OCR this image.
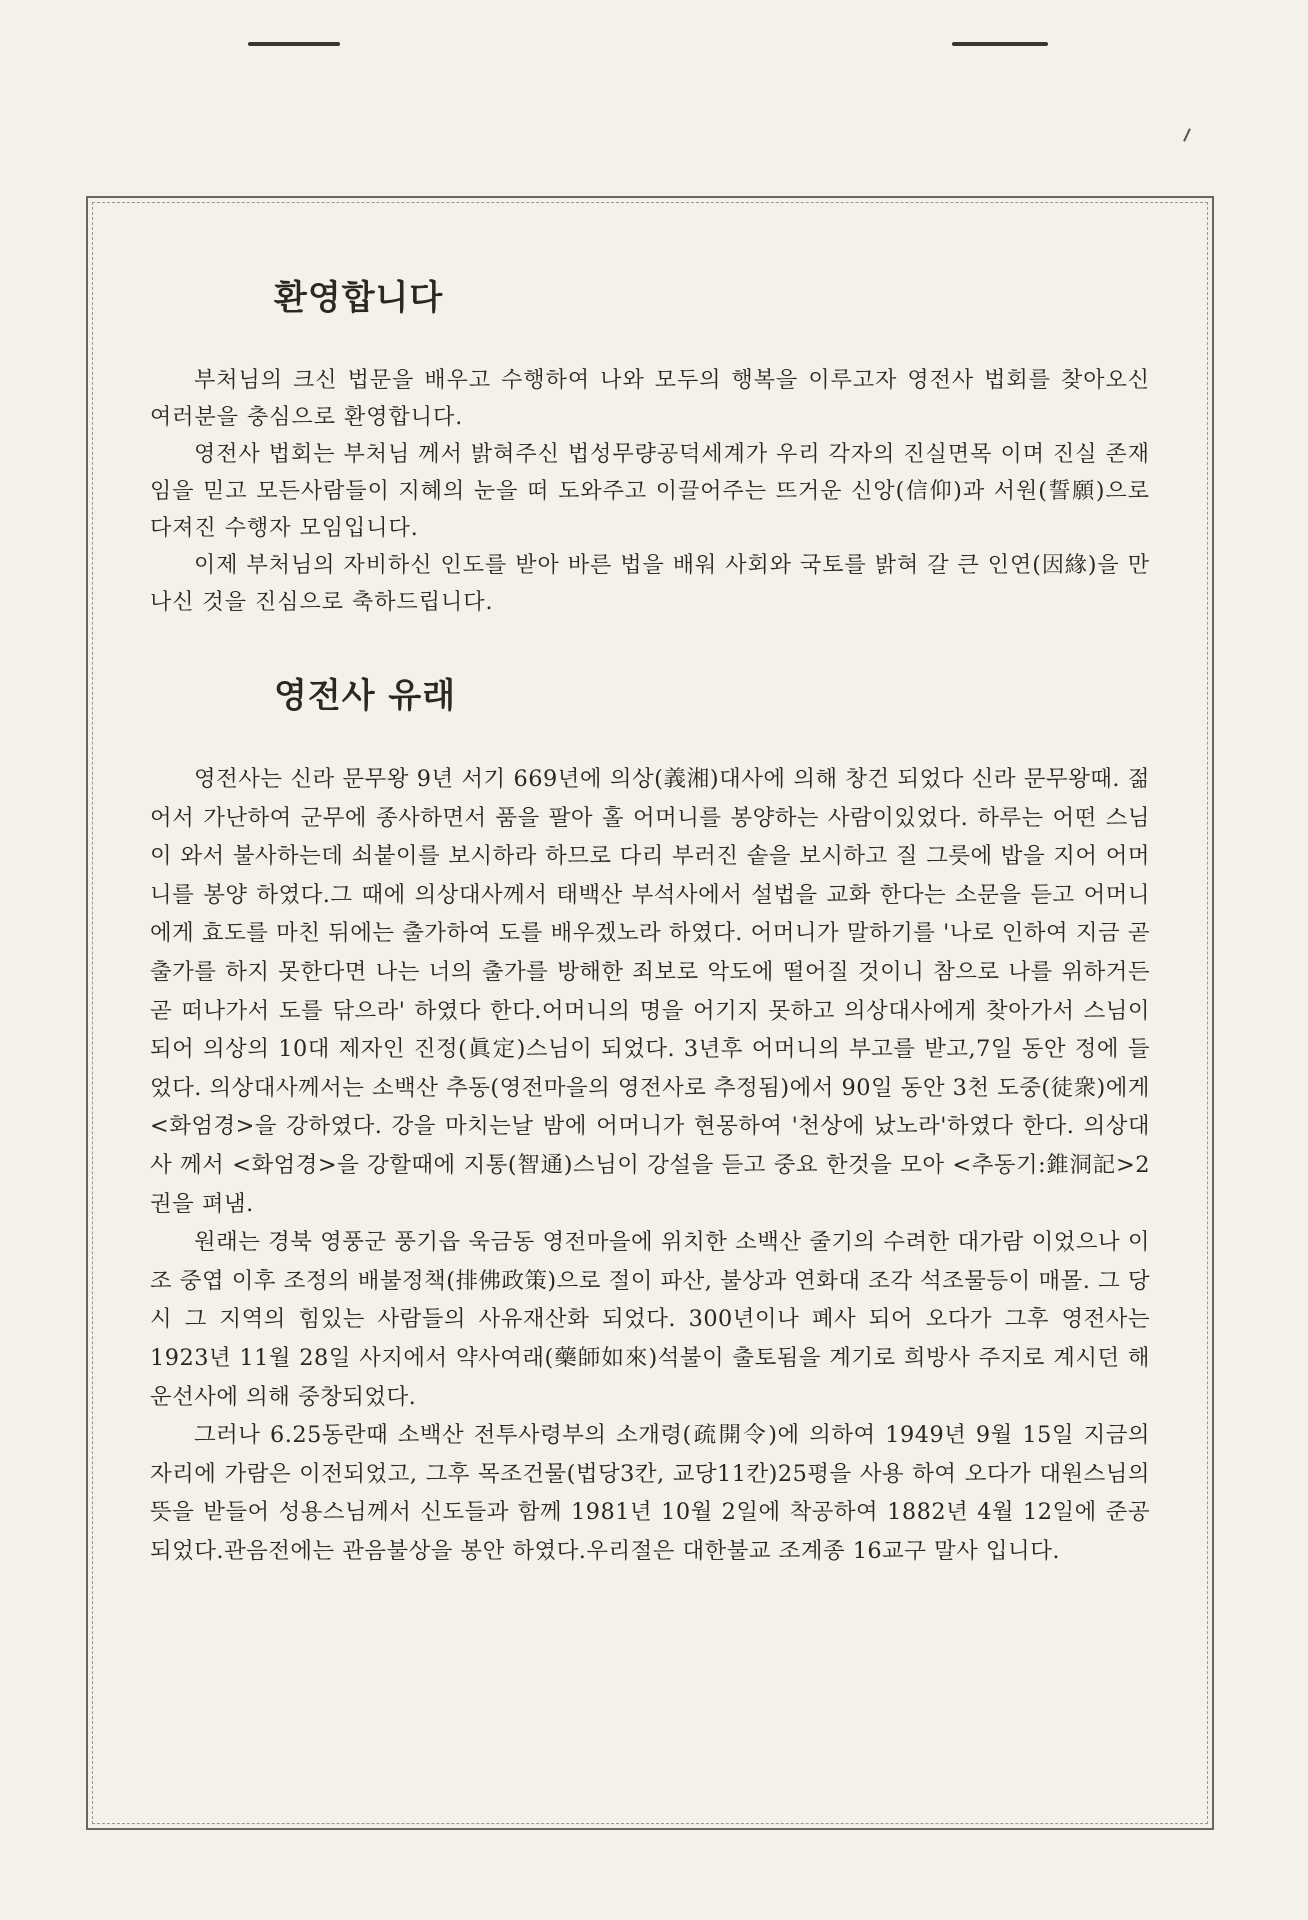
환영합니다

부처님의 크신 법문을 배우고 수행하여 나와 모두의 행복을 이루고자 영전사 법회를 찾아오신 여러분을 충심으로 환영합니다.

영전사 법회는 부처님 께서 밝혀주신 법성무량공덕세계가 우리 각자의 진실면목 이며 진실 존재임을 믿고 모든사람들이 지혜의 눈을 떠 도와주고 이끌어주는 뜨거운 신앙(信仰)과 서원(誓願)으로 다져진 수행자 모임입니다.

이제 부처님의 자비하신 인도를 받아 바른 법을 배워 사회와 국토를 밝혀 갈 큰 인연(因緣)을 만나신 것을 진심으로 축하드립니다.

영전사 유래

영전사는 신라 문무왕 9년 서기 669년에 의상(義湘)대사에 의해 창건 되었다 신라 문무왕때. 젊어서 가난하여 군무에 종사하면서 품을 팔아 홀 어머니를 봉양하는 사람이있었다. 하루는 어떤 스님이 와서 불사하는데 쇠붙이를 보시하라 하므로 다리 부러진 솥을 보시하고 질 그릇에 밥을 지어 어머니를 봉양 하였다.그 때에 의상대사께서 태백산 부석사에서 설법을 교화 한다는 소문을 듣고 어머니에게 효도를 마친 뒤에는 출가하여 도를 배우겠노라 하였다. 어머니가 말하기를 '나로 인하여 지금 곧 출가를 하지 못한다면 나는 너의 출가를 방해한 죄보로 악도에 떨어질 것이니 참으로 나를 위하거든 곧 떠나가서 도를 닦으라' 하였다 한다.어머니의 명을 어기지 못하고 의상대사에게 찾아가서 스님이 되어 의상의 10대 제자인 진정(眞定)스님이 되었다. 3년후 어머니의 부고를 받고,7일 동안 정에 들었다. 의상대사께서는 소백산 추동(영전마을의 영전사로 추정됨)에서 90일 동안 3천 도중(徒衆)에게 <화엄경>을 강하였다. 강을 마치는날 밤에 어머니가 현몽하여 '천상에 났노라'하였다 한다. 의상대사 께서 <화엄경>을 강할때에 지통(智通)스님이 강설을 듣고 중요 한것을 모아 <추동기:錐洞記>2권을 펴냄.

원래는 경북 영풍군 풍기읍 욱금동 영전마을에 위치한 소백산 줄기의 수려한 대가람 이었으나 이조 중엽 이후 조정의 배불정책(排佛政策)으로 절이 파산, 불상과 연화대 조각 석조물등이 매몰. 그 당시 그 지역의 힘있는 사람들의 사유재산화 되었다. 300년이나 폐사 되어 오다가 그후 영전사는 1923년 11월 28일 사지에서 약사여래(藥師如來)석불이 출토됨을 계기로 희방사 주지로 계시던 해운선사에 의해 중창되었다.

그러나 6.25동란때 소백산 전투사령부의 소개령(疏開令)에 의하여 1949년 9월 15일 지금의 자리에 가람은 이전되었고, 그후 목조건물(법당3칸, 교당11칸)25평을 사용 하여 오다가 대원스님의 뜻을 받들어 성용스님께서 신도들과 함께 1981년 10월 2일에 착공하여 1882년 4월 12일에 준공되었다.관음전에는 관음불상을 봉안 하였다.우리절은 대한불교 조계종 16교구 말사 입니다.
